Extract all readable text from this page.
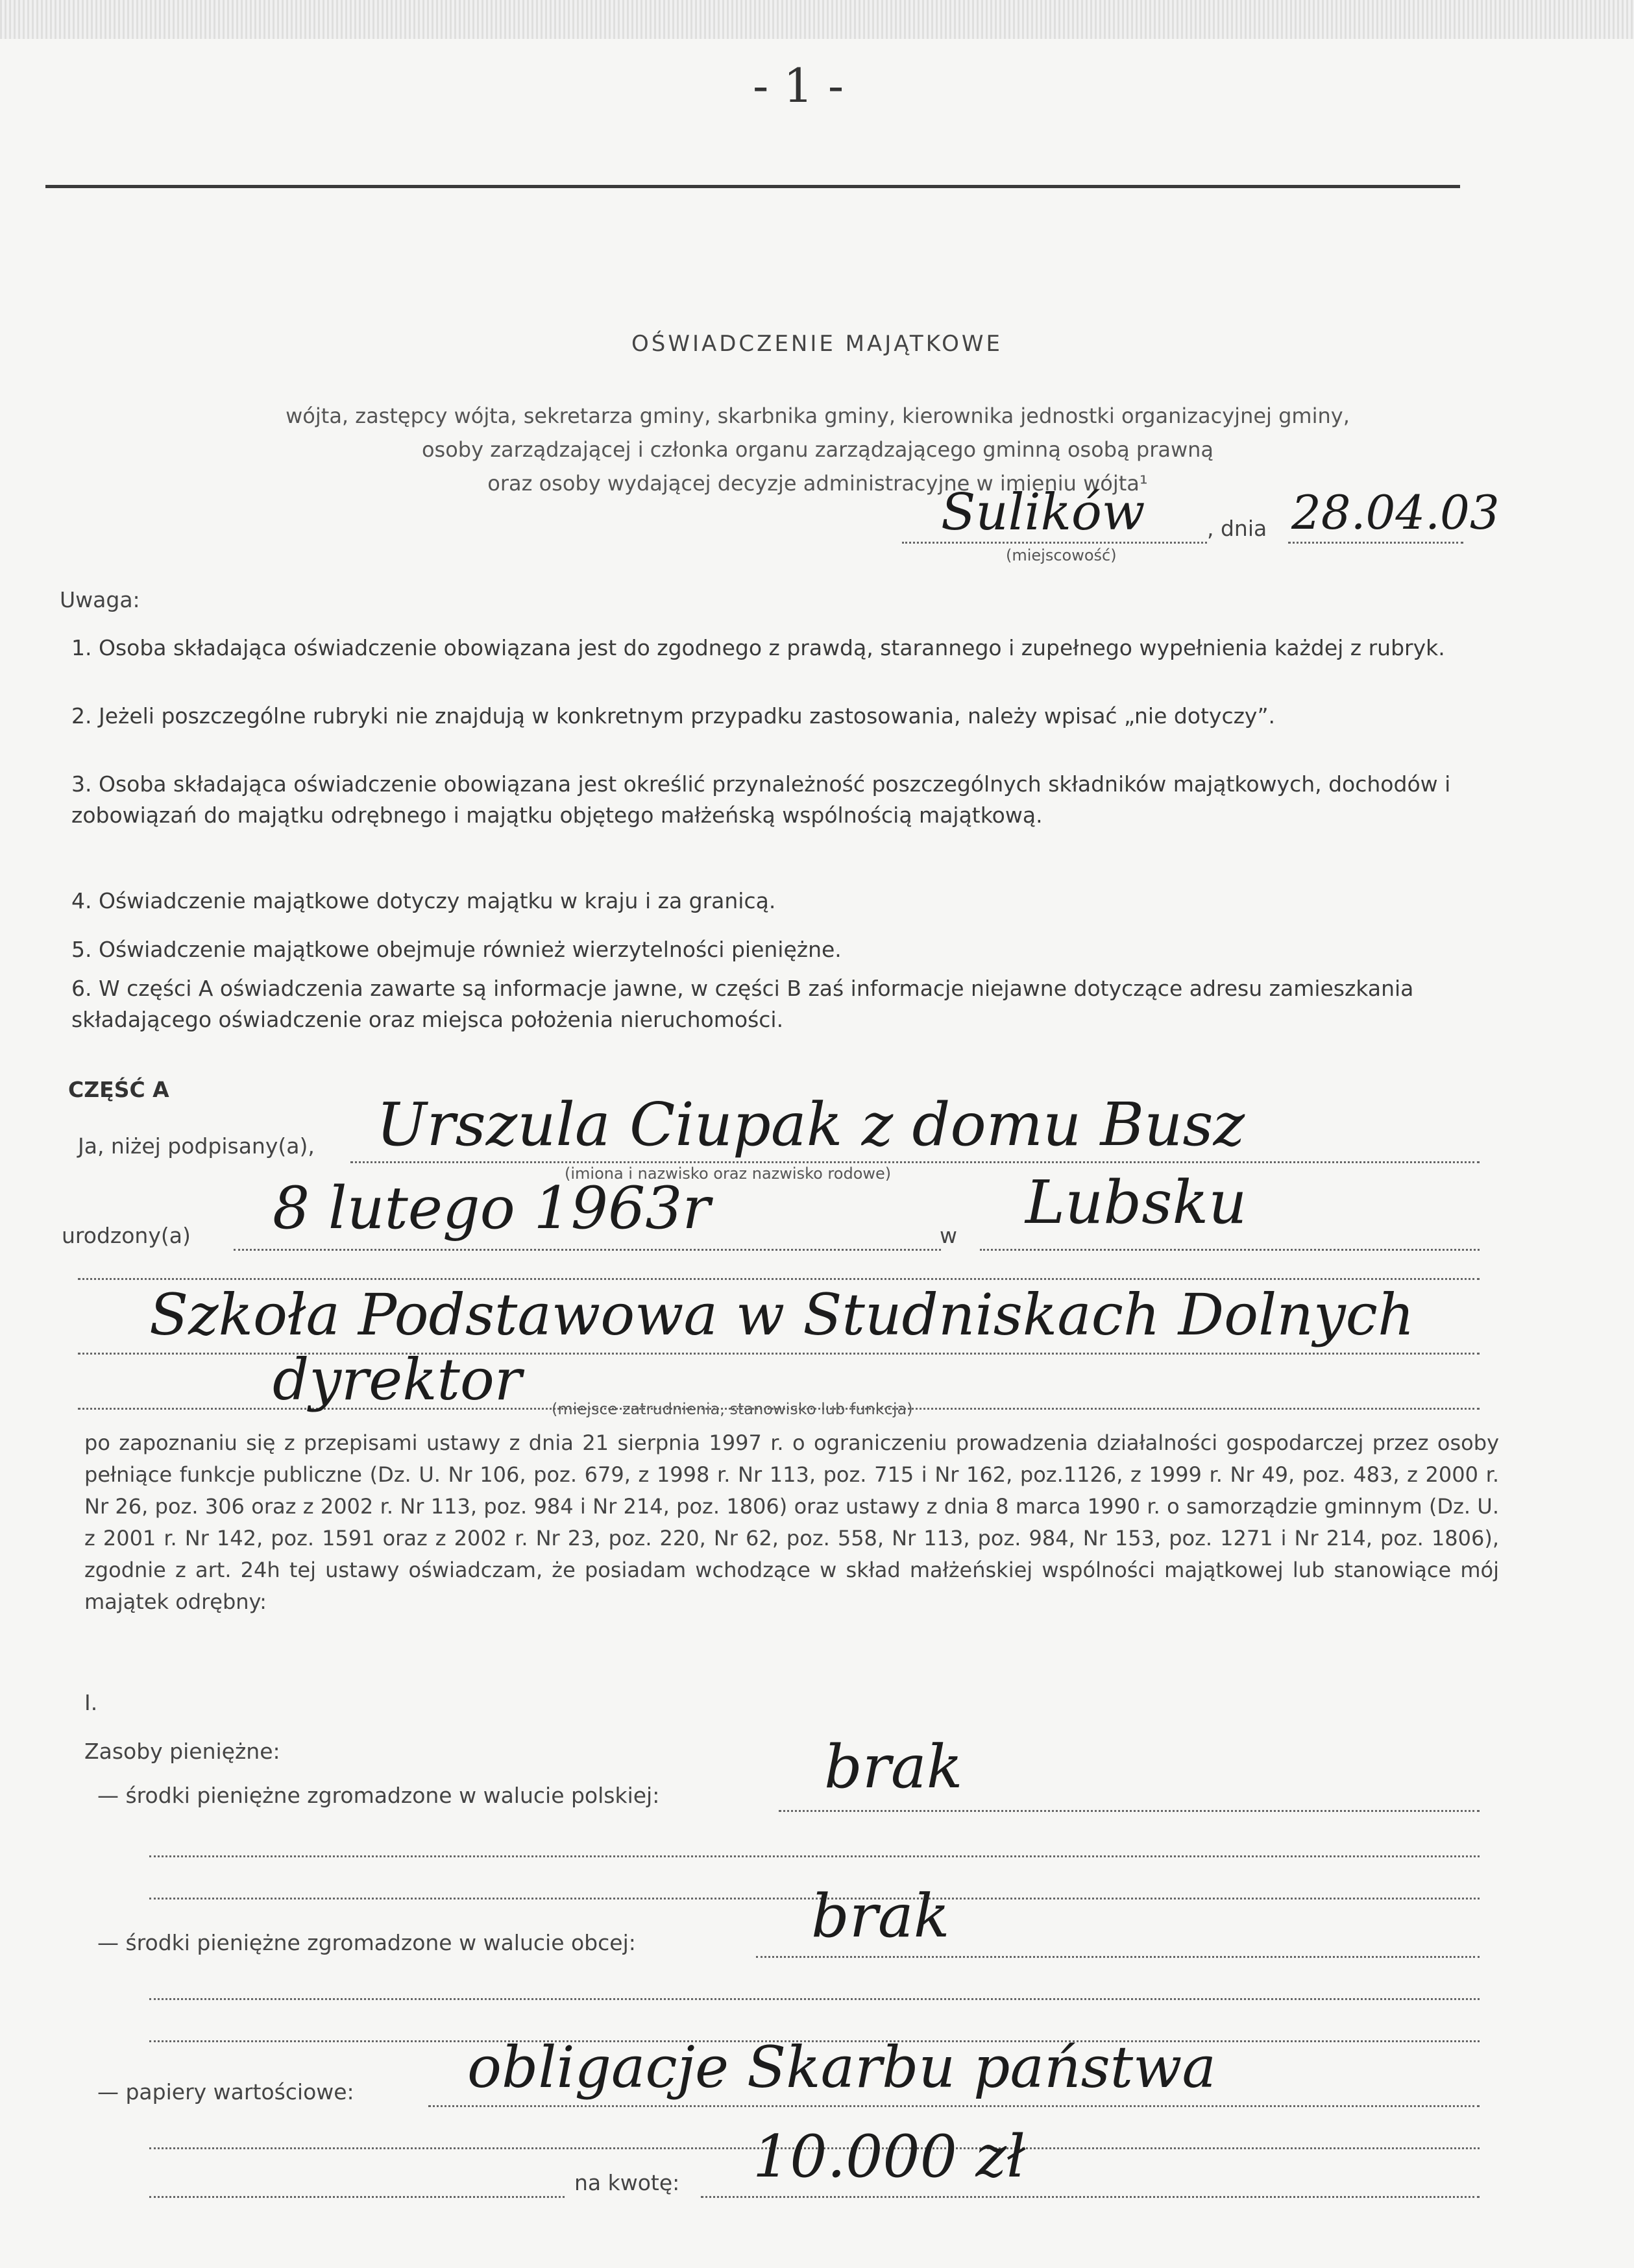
- 1 -
OŚWIADCZENIE MAJĄTKOWE
wójta, zastępcy wójta, sekretarza gminy, skarbnika gminy, kierownika jednostki organizacyjnej gminy,
osoby zarządzającej i członka organu zarządzającego gminną osobą prawną
oraz osoby wydającej decyzje administracyjne w imieniu wójta¹
Sulików	, dnia 28.04.03
(miejscowość)
Uwaga:
1. Osoba składająca oświadczenie obowiązana jest do zgodnego z prawdą, starannego i zupełnego wypełnienia każdej z rubryk.
2. Jeżeli poszczególne rubryki nie znajdują w konkretnym przypadku zastosowania, należy wpisać „nie dotyczy”.
3. Osoba składająca oświadczenie obowiązana jest określić przynależność poszczególnych składników majątkowych, dochodów i zobowiązań do majątku odrębnego i majątku objętego małżeńską wspólnością majątkową.
4. Oświadczenie majątkowe dotyczy majątku w kraju i za granicą.
5. Oświadczenie majątkowe obejmuje również wierzytelności pieniężne.
6. W części A oświadczenia zawarte są informacje jawne, w części B zaś informacje niejawne dotyczące adresu zamieszkania składającego oświadczenie oraz miejsca położenia nieruchomości.
CZĘŚĆ A
Ja, niżej podpisany(a), Urszula Ciupak z domu Busz
(imiona i nazwisko oraz nazwisko rodowe)
urodzony(a) 8 lutego 1963r	w Lubsku
Szkoła Podstawowa w Studniskach Dolnych
dyrektor (miejsce zatrudnienia, stanowisko lub funkcja)
po zapoznaniu się z przepisami ustawy z dnia 21 sierpnia 1997 r. o ograniczeniu prowadzenia działalności gospodarczej przez osoby pełniące funkcje publiczne (Dz. U. Nr 106, poz. 679, z 1998 r. Nr 113, poz. 715 i Nr 162, poz.1126, z 1999 r. Nr 49, poz. 483, z 2000 r. Nr 26, poz. 306 oraz z 2002 r. Nr 113, poz. 984 i Nr 214, poz. 1806) oraz ustawy z dnia 8 marca 1990 r. o samorządzie gminnym (Dz. U. z 2001 r. Nr 142, poz. 1591 oraz z 2002 r. Nr 23, poz. 220, Nr 62, poz. 558, Nr 113, poz. 984, Nr 153, poz. 1271 i Nr 214, poz. 1806), zgodnie z art. 24h tej ustawy oświadczam, że posiadam wchodzące w skład małżeńskiej wspólności majątkowej lub stanowiące mój majątek odrębny:
I.
Zasoby pieniężne:
— środki pieniężne zgromadzone w walucie polskiej:	brak
— środki pieniężne zgromadzone w walucie obcej:	brak
— papiery wartościowe: obligacje Skarbu państwa
na kwotę: 10.000 zł
